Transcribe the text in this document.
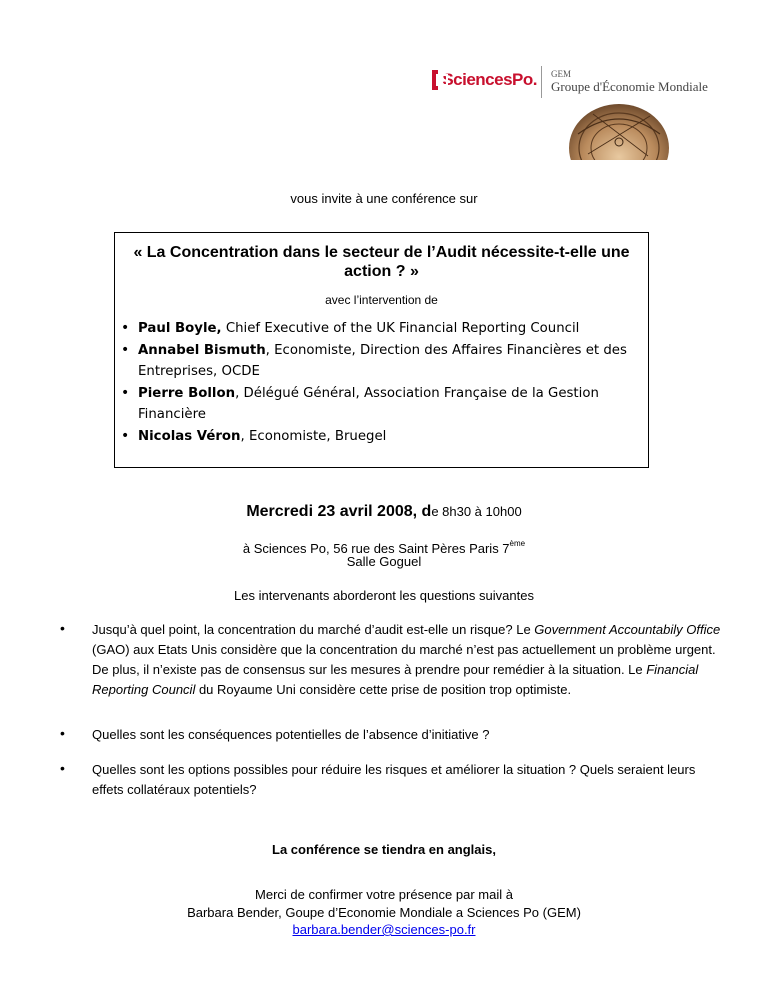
SciencesPo. GEM
Groupe d'Économie Mondiale
vous invite à une conférence sur
« La Concentration dans le secteur de l’Audit nécessite-t-elle une action ? »
avec l’intervention de
• Paul Boyle, Chief Executive of the UK Financial Reporting Council
• Annabel Bismuth, Economiste, Direction des Affaires Financières et des Entreprises, OCDE
• Pierre Bollon, Délégué Général, Association Française de la Gestion Financière
• Nicolas Véron, Economiste, Bruegel
Mercredi 23 avril 2008, de 8h30 à 10h00
à Sciences Po, 56 rue des Saint Pères Paris 7ème
Salle Goguel
Les intervenants aborderont les questions suivantes
• Jusqu’à quel point, la concentration du marché d’audit est-elle un risque? Le Government Accountabily Office (GAO) aux Etats Unis considère que la concentration du marché n’est pas actuellement un problème urgent. De plus, il n’existe pas de consensus sur les mesures à prendre pour remédier à la situation. Le Financial Reporting Council du Royaume Uni considère cette prise de position trop optimiste.
• Quelles sont les conséquences potentielles de l’absence d’initiative ?
• Quelles sont les options possibles pour réduire les risques et améliorer la situation ? Quels seraient leurs effets collatéraux potentiels?
La conférence se tiendra en anglais,
Merci de confirmer votre présence par mail à
Barbara Bender, Goupe d’Economie Mondiale a Sciences Po (GEM)
barbara.bender@sciences-po.fr
